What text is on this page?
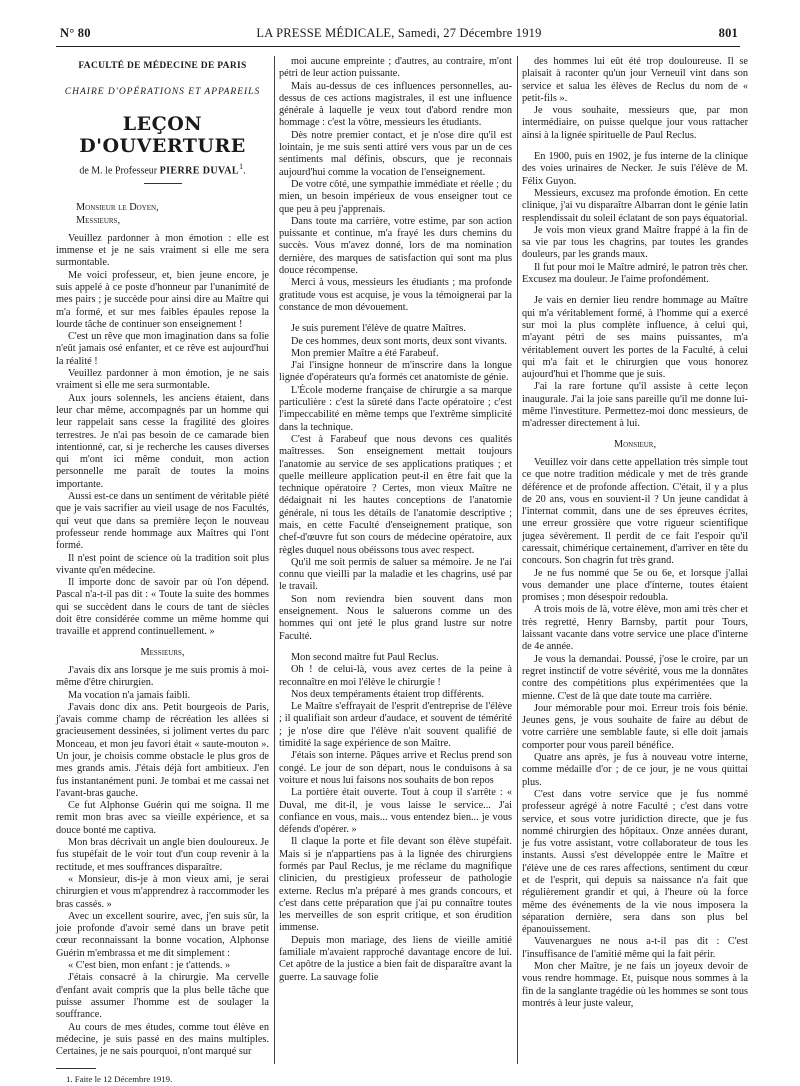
N° 80	LA PRESSE MÉDICALE, Samedi, 27 Décembre 1919	801

FACULTÉ DE MÉDECINE DE PARIS

CHAIRE D'OPÉRATIONS ET APPAREILS

LEÇON D'OUVERTURE

de M. le Professeur PIERRE DUVAL$^1$.

Monsieur le Doyen,

Messieurs,

Veuillez pardonner à mon émotion : elle est immense et je ne sais vraiment si elle me sera surmontable.

Me voici professeur, et, bien jeune encore, je suis appelé à ce poste d'honneur par l'unanimité de mes pairs ; je succède pour ainsi dire au Maître qui m'a formé, et sur mes faibles épaules repose la lourde tâche de continuer son enseignement !

C'est un rêve que mon imagination dans sa folie n'eût jamais osé enfanter, et ce rêve est aujourd'hui la réalité !

Veuillez pardonner à mon émotion, je ne sais vraiment si elle me sera surmontable.

Aux jours solennels, les anciens étaient, dans leur char même, accompagnés par un homme qui leur rappelait sans cesse la fragilité des gloires terrestres. Je n'ai pas besoin de ce camarade bien intentionné, car, si je recherche les causes diverses qui m'ont ici même conduit, mon action personnelle me paraît de toutes la moins importante.

Aussi est-ce dans un sentiment de véritable piété que je vais sacrifier au vieil usage de nos Facultés, qui veut que dans sa première leçon le nouveau professeur rende hommage aux Maîtres qui l'ont formé.

Il n'est point de science où la tradition soit plus vivante qu'en médecine.

Il importe donc de savoir par où l'on dépend. Pascal n'a-t-il pas dit : « Toute la suite des hommes qui se succèdent dans le cours de tant de siècles doit être considérée comme un même homme qui travaille et apprend continuellement. »

Messieurs,

J'avais dix ans lorsque je me suis promis à moi-même d'être chirurgien.

Ma vocation n'a jamais faibli.

J'avais donc dix ans. Petit bourgeois de Paris, j'avais comme champ de récréation les allées si gracieusement dessinées, si joliment vertes du parc Monceau, et mon jeu favori était « saute-mouton ». Un jour, je choisis comme obstacle le plus gros de mes grands amis. J'étais déjà fort ambitieux. J'en fus instantanément puni. Je tombai et me cassai net l'avant-bras gauche.

Ce fut Alphonse Guérin qui me soigna. Il me remit mon bras avec sa vieille expérience, et sa douce bonté me captiva.

Mon bras décrivait un angle bien douloureux. Je fus stupéfait de le voir tout d'un coup revenir à la rectitude, et mes souffrances disparaître.

« Monsieur, dis-je à mon vieux ami, je serai chirurgien et vous m'apprendrez à raccommoder les bras cassés. »

Avec un excellent sourire, avec, j'en suis sûr, la joie profonde d'avoir semé dans un brave petit cœur reconnaissant la bonne vocation, Alphonse Guérin m'embrassa et me dit simplement :

« C'est bien, mon enfant : je t'attends. »

J'étais consacré à la chirurgie. Ma cervelle d'enfant avait compris que la plus belle tâche que puisse assumer l'homme est de soulager la souffrance.

Au cours de mes études, comme tout élève en médecine, je suis passé en des mains multiples. Certaines, je ne sais pourquoi, n'ont marqué sur

1. Faite le 12 Décembre 1919.

moi aucune empreinte ; d'autres, au contraire, m'ont pétri de leur action puissante.

Mais au-dessus de ces influences personnelles, au-dessus de ces actions magistrales, il est une influence générale à laquelle je veux tout d'abord rendre mon hommage : c'est la vôtre, messieurs les étudiants.

Dès notre premier contact, et je n'ose dire qu'il est lointain, je me suis senti attiré vers vous par un de ces sentiments mal définis, obscurs, que je reconnais aujourd'hui comme la vocation de l'enseignement.

De votre côté, une sympathie immédiate et réelle ; du mien, un besoin impérieux de vous enseigner tout ce que peu à peu j'apprenais.

Dans toute ma carrière, votre estime, par son action puissante et continue, m'a frayé les durs chemins du succès. Vous m'avez donné, lors de ma nomination dernière, des marques de satisfaction qui sont ma plus douce récompense.

Merci à vous, messieurs les étudiants ; ma profonde gratitude vous est acquise, je vous la témoignerai par la constance de mon dévouement.

Je suis purement l'élève de quatre Maîtres.

De ces hommes, deux sont morts, deux sont vivants.

Mon premier Maître a été Farabeuf.

J'ai l'insigne honneur de m'inscrire dans la longue lignée d'opérateurs qu'a formés cet anatomiste de génie.

L'École moderne française de chirurgie a sa marque particulière : c'est la sûreté dans l'acte opératoire ; c'est l'impeccabilité en même temps que l'extrême simplicité dans la technique.

C'est à Farabeuf que nous devons ces qualités maîtresses. Son enseignement mettait toujours l'anatomie au service de ses applications pratiques ; et quelle meilleure application peut-il en être fait que la technique opératoire ? Certes, mon vieux Maître ne dédaignait ni les hautes conceptions de l'anatomie générale, ni tous les détails de l'anatomie descriptive ; mais, en cette Faculté d'enseignement pratique, son chef-d'œuvre fut son cours de médecine opératoire, aux règles duquel nous obéissons tous avec respect.

Qu'il me soit permis de saluer sa mémoire. Je ne l'ai connu que vieilli par la maladie et les chagrins, usé par le travail.

Son nom reviendra bien souvent dans mon enseignement. Nous le saluerons comme un des hommes qui ont jeté le plus grand lustre sur notre Faculté.

Mon second maître fut Paul Reclus.

Oh ! de celui-là, vous avez certes de la peine à reconnaître en moi l'élève le chirurgie !

Nos deux tempéraments étaient trop différents.

Le Maître s'effrayait de l'esprit d'entreprise de l'élève ; il qualifiait son ardeur d'audace, et souvent de témérité ; je n'ose dire que l'élève n'ait souvent qualifié de timidité la sage expérience de son Maître.

J'étais son interne. Pâques arrive et Reclus prend son congé. Le jour de son départ, nous le conduisons à sa voiture et nous lui faisons nos souhaits de bon repos

La portière était ouverte. Tout à coup il s'arrête : « Duval, me dit-il, je vous laisse le service... J'ai confiance en vous, mais... vous entendez bien... je vous défends d'opérer. »

Il claque la porte et file devant son élève stupéfait. Mais si je n'appartiens pas à la lignée des chirurgiens formés par Paul Reclus, je me réclame du magnifique clinicien, du prestigieux professeur de pathologie externe. Reclus m'a préparé à mes grands concours, et c'est dans cette préparation que j'ai pu connaître toutes les merveilles de son esprit critique, et son érudition immense.

Depuis mon mariage, des liens de vieille amitié familiale m'avaient rapproché davantage encore de lui. Cet apôtre de la justice a bien fait de disparaître avant la guerre. La sauvage folie

des hommes lui eût été trop douloureuse. Il se plaisait à raconter qu'un jour Verneuil vint dans son service et salua les élèves de Reclus du nom de « petit-fils ».

Je vous souhaite, messieurs que, par mon intermédiaire, on puisse quelque jour vous rattacher ainsi à la lignée spirituelle de Paul Reclus.

En 1900, puis en 1902, je fus interne de la clinique des voies urinaires de Necker. Je suis l'élève de M. Félix Guyon.

Messieurs, excusez ma profonde émotion. En cette clinique, j'ai vu disparaître Albarran dont le génie latin resplendissait du soleil éclatant de son pays équatorial.

Je vois mon vieux grand Maître frappé à la fin de sa vie par tous les chagrins, par toutes les grandes douleurs, par les grands maux.

Il fut pour moi le Maître admiré, le patron très cher. Excusez ma douleur. Je l'aime profondément.

Je vais en dernier lieu rendre hommage au Maître qui m'a véritablement formé, à l'homme qui a exercé sur moi la plus complète influence, à celui qui, m'ayant pétri de ses mains puissantes, m'a véritablement ouvert les portes de la Faculté, à celui qui m'a fait et le chirurgien que vous honorez aujourd'hui et l'homme que je suis.

J'ai la rare fortune qu'il assiste à cette leçon inaugurale. J'ai la joie sans pareille qu'il me donne lui-même l'investiture. Permettez-moi donc messieurs, de m'adresser directement à lui.

Monsieur,

Veuillez voir dans cette appellation très simple tout ce que notre tradition médicale y met de très grande déférence et de profonde affection. C'était, il y a plus de 20 ans, vous en souvient-il ? Un jeune candidat à l'internat commit, dans une de ses épreuves écrites, une erreur grossière que votre rigueur scientifique jugea sévèrement. Il perdit de ce fait l'espoir qu'il caressait, chimérique certainement, d'arriver en tête du concours. Son chagrin fut très grand.

Je ne fus nommé que 5e ou 6e, et lorsque j'allai vous demander une place d'interne, toutes étaient promises ; mon désespoir redoubla.

A trois mois de là, votre élève, mon ami très cher et très regretté, Henry Barnsby, partit pour Tours, laissant vacante dans votre service une place d'interne de 4e année.

Je vous la demandai. Poussé, j'ose le croire, par un regret instinctif de votre sévérité, vous me la donnâtes contre des compétitions plus expérimentées que la mienne. C'est de là que date toute ma carrière.

Jour mémorable pour moi. Erreur trois fois bénie. Jeunes gens, je vous souhaite de faire au début de votre carrière une semblable faute, si elle doit jamais comporter pour vous pareil bénéfice.

Quatre ans après, je fus à nouveau votre interne, comme médaille d'or ; de ce jour, je ne vous quittai plus.

C'est dans votre service que je fus nommé professeur agrégé à notre Faculté ; c'est dans votre service, et sous votre juridiction directe, que je fus nommé chirurgien des hôpitaux. Onze années durant, je fus votre assistant, votre collaborateur de tous les instants. Aussi s'est développée entre le Maître et l'élève une de ces rares affections, sentiment du cœur et de l'esprit, qui depuis sa naissance n'a fait que régulièrement grandir et qui, à l'heure où la force même des événements de la vie nous imposera la séparation dernière, sera dans son plus bel épanouissement.

Vauvenargues ne nous a-t-il pas dit : C'est l'insuffisance de l'amitié même qui la fait périr.

Mon cher Maître, je ne fais un joyeux devoir de vous rendre hommage. Et, puisque nous sommes à la fin de la sanglante tragédie où les hommes se sont tous montrés à leur juste valeur,
